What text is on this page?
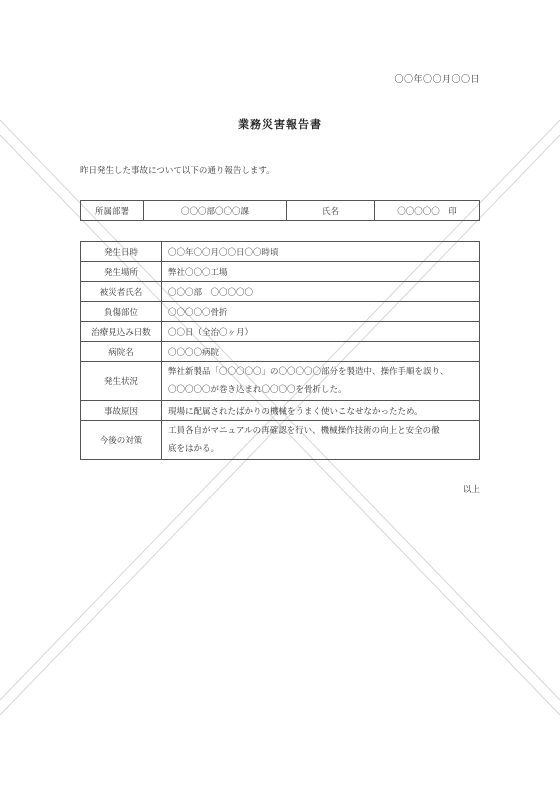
〇〇年〇〇月〇〇日
業務災害報告書
昨日発生した事故について以下の通り報告します。
所属部署	〇〇〇部〇〇〇課	氏名	〇〇〇〇〇　印
発生日時	〇〇年〇〇月〇〇日〇〇時頃
発生場所	弊社〇〇〇工場
被災者氏名	〇〇〇部　〇〇〇〇〇
負傷部位	〇〇〇〇〇骨折
治療見込み日数	〇〇日（全治〇ヶ月）
病院名	〇〇〇〇病院
発生状況	弊社新製品「〇〇〇〇〇」の〇〇〇〇〇部分を製造中、操作手順を誤り、
〇〇〇〇〇が巻き込まれ〇〇〇〇を骨折した。

事故原因	現場に配属されたばかりの機械をうまく使いこなせなかったため。
今後の対策	工員各自がマニュアルの再確認を行い、機械操作技術の向上と安全の徹
底をはかる。
以上
